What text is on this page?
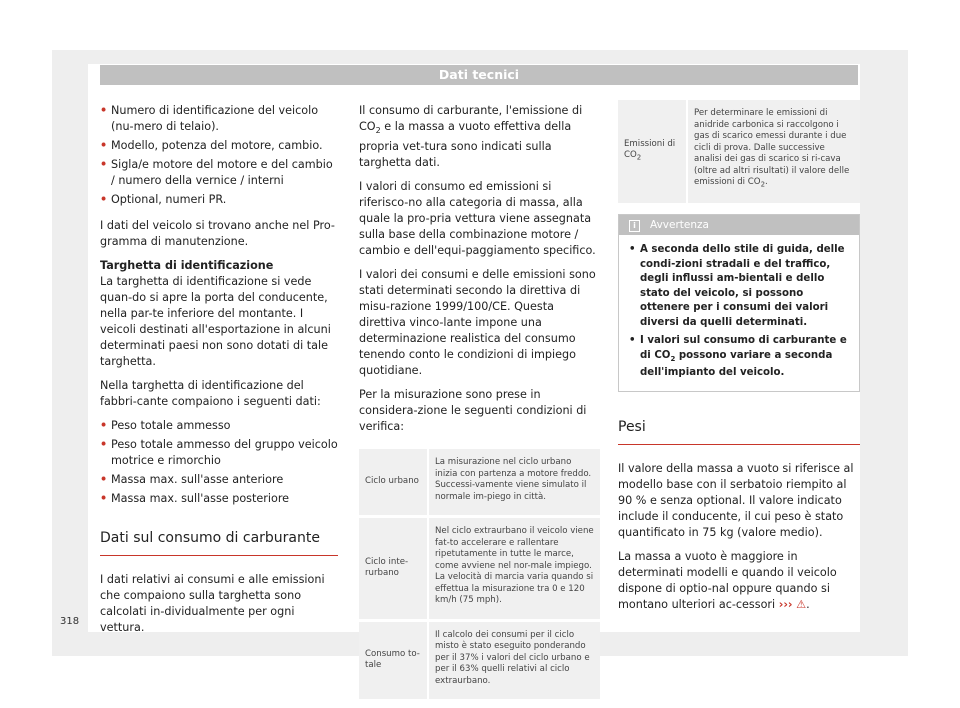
Dati tecnici
• Numero di identificazione del veicolo (nu-mero di telaio).
• Modello, potenza del motore, cambio.
• Sigla/e motore del motore e del cambio / numero della vernice / interni
• Optional, numeri PR.

I dati del veicolo si trovano anche nel Pro-gramma di manutenzione.

Targhetta di identificazione

La targhetta di identificazione si vede quan-do si apre la porta del conducente, nella par-te inferiore del montante. I veicoli destinati all'esportazione in alcuni determinati paesi non sono dotati di tale targhetta.

Nella targhetta di identificazione del fabbri-cante compaiono i seguenti dati:

• Peso totale ammesso
• Peso totale ammesso del gruppo veicolo motrice e rimorchio
• Massa max. sull'asse anteriore
• Massa max. sull'asse posteriore
Dati sul consumo di carburante

I dati relativi ai consumi e alle emissioni che compaiono sulla targhetta sono calcolati in-dividualmente per ogni vettura.

Il consumo di carburante, l'emissione di $CO_2$ e la massa a vuoto effettiva della propria vet-tura sono indicati sulla targhetta dati.

I valori di consumo ed emissioni si riferisco-no alla categoria di massa, alla quale la pro-pria vettura viene assegnata sulla base della combinazione motore / cambio e dell'equi-paggiamento specifico.

I valori dei consumi e delle emissioni sono stati determinati secondo la direttiva di misu-razione 1999/100/CE. Questa direttiva vinco-lante impone una determinazione realistica del consumo tenendo conto le condizioni di impiego quotidiane.

Per la misurazione sono prese in considera-zione le seguenti condizioni di verifica:

Ciclo urbano	La misurazione nel ciclo urbano inizia con partenza a motore freddo. Successi-vamente viene simulato il normale im-piego in città.
Ciclo inte-rurbano	Nel ciclo extraurbano il veicolo viene fat-to accelerare e rallentare ripetutamente in tutte le marce, come avviene nel nor-male impiego. La velocità di marcia varia quando si effettua la misurazione tra 0 e 120 km/h (75 mph).
Consumo to-tale	Il calcolo dei consumi per il ciclo misto è stato eseguito ponderando per il 37% i valori del ciclo urbano e per il 63% quelli relativi al ciclo extraurbano.
Emissioni di $CO_2$	Per determinare le emissioni di anidride carbonica si raccolgono i gas di scarico emessi durante i due cicli di prova. Dalle successive analisi dei gas di scarico si ri-cava (oltre ad altri risultati) il valore delle emissioni di $CO_2$.
i Avvertenza
• A seconda dello stile di guida, delle condi-zioni stradali e del traffico, degli influssi am-bientali e dello stato del veicolo, si possono ottenere per i consumi dei valori diversi da quelli determinati.
• I valori sul consumo di carburante e di $CO_2$ possono variare a seconda dell'impianto del veicolo.
Pesi

Il valore della massa a vuoto si riferisce al modello base con il serbatoio riempito al 90 % e senza optional. Il valore indicato include il conducente, il cui peso è stato quantificato in 75 kg (valore medio).

La massa a vuoto è maggiore in determinati modelli e quando il veicolo dispone di optio-nal oppure quando si montano ulteriori ac-cessori ››› ⚠.

318
